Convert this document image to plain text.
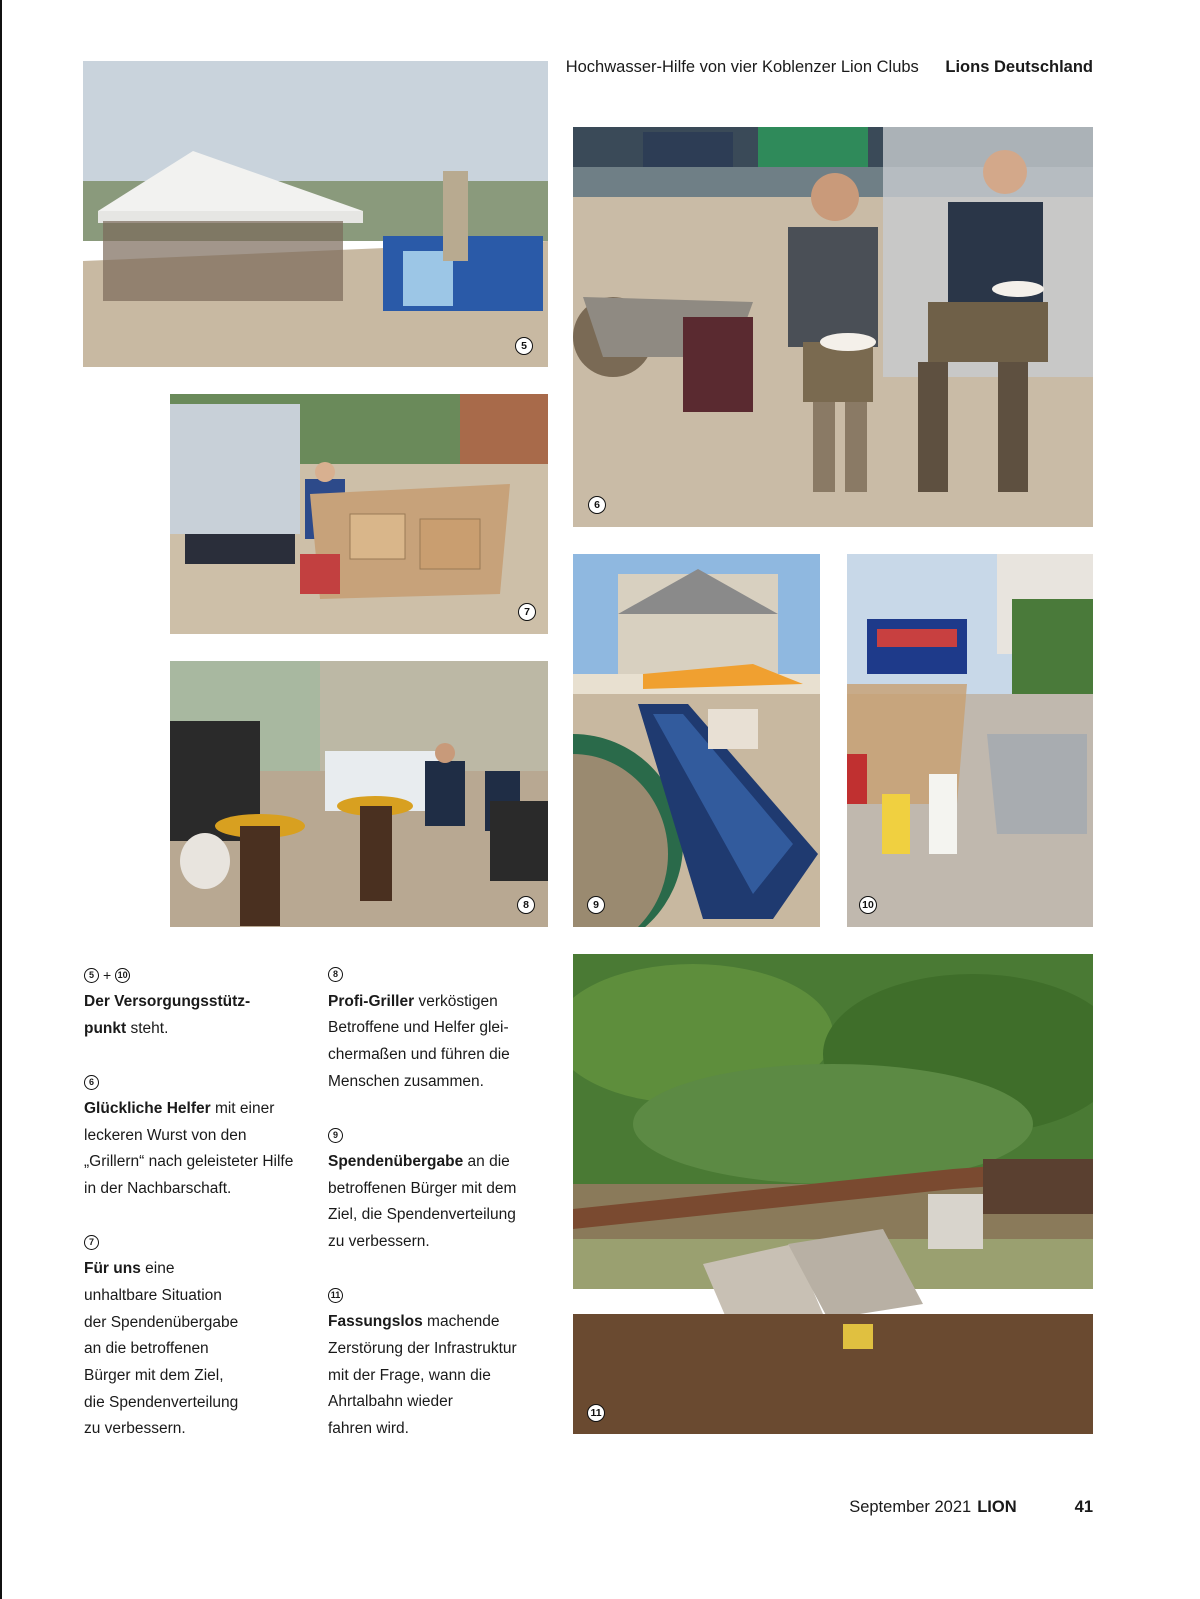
Hochwasser-Hilfe von vier Koblenzer Lion Clubs Lions Deutschland
5
6
7
8	9	10
11

5 + 10

Der Versorgungsstütz-

punkt steht.

6

Glückliche Helfer mit einer

leckeren Wurst von den

„Grillern“ nach geleisteter Hilfe

in der Nachbarschaft.

7

Für uns eine

unhaltbare Situation

der Spendenübergabe

an die betroffenen

Bürger mit dem Ziel,

die Spendenverteilung

zu verbessern.

8

Profi-Griller verköstigen

Betroffene und Helfer glei-

chermaßen und führen die

Menschen zusammen.

9

Spendenübergabe an die

betroffenen Bürger mit dem

Ziel, die Spendenverteilung

zu verbessern.

11

Fassungslos machende

Zerstörung der Infrastruktur

mit der Frage, wann die

Ahrtalbahn wieder

fahren wird.

September 2021 LION	41
